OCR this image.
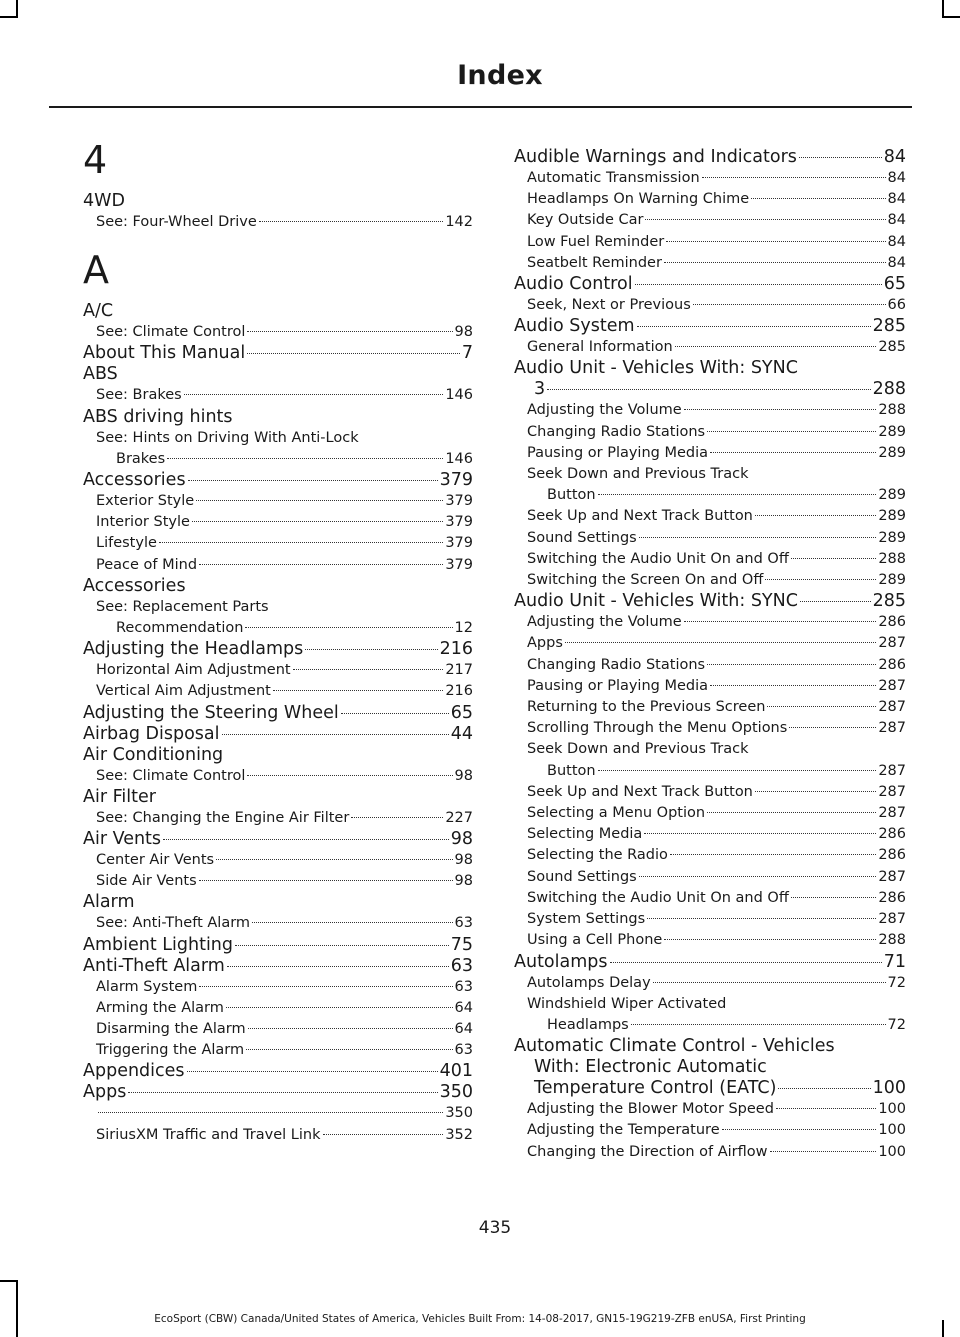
Index
4
4WD
See: Four-Wheel Drive	142
A
A/C
See: Climate Control	98
About This Manual	7
ABS
See: Brakes	146
ABS driving hints
See: Hints on Driving With Anti-Lock
Brakes	146
Accessories	379
Exterior Style	379
Interior Style	379
Lifestyle	379
Peace of Mind	379
Accessories
See: Replacement Parts
Recommendation	12
Adjusting the Headlamps	216
Horizontal Aim Adjustment	217
Vertical Aim Adjustment	216
Adjusting the Steering Wheel	65
Airbag Disposal	44
Air Conditioning
See: Climate Control	98
Air Filter
See: Changing the Engine Air Filter	227
Air Vents	98
Center Air Vents	98
Side Air Vents	98
Alarm
See: Anti-Theft Alarm	63
Ambient Lighting	75
Anti-Theft Alarm	63
Alarm System	63
Arming the Alarm	64
Disarming the Alarm	64
Triggering the Alarm	63
Appendices	401
Apps	350
350
SiriusXM Traffic and Travel Link	352
Audible Warnings and Indicators	84
Automatic Transmission	84
Headlamps On Warning Chime	84
Key Outside Car	84
Low Fuel Reminder	84
Seatbelt Reminder	84
Audio Control	65
Seek, Next or Previous	66
Audio System	285
General Information	285
Audio Unit - Vehicles With: SYNC
3	288
Adjusting the Volume	288
Changing Radio Stations	289
Pausing or Playing Media	289
Seek Down and Previous Track
Button	289
Seek Up and Next Track Button	289
Sound Settings	289
Switching the Audio Unit On and Off	288
Switching the Screen On and Off	289
Audio Unit - Vehicles With: SYNC	285
Adjusting the Volume	286
Apps	287
Changing Radio Stations	286
Pausing or Playing Media	287
Returning to the Previous Screen	287
Scrolling Through the Menu Options	287
Seek Down and Previous Track
Button	287
Seek Up and Next Track Button	287
Selecting a Menu Option	287
Selecting Media	286
Selecting the Radio	286
Sound Settings	287
Switching the Audio Unit On and Off	286
System Settings	287
Using a Cell Phone	288
Autolamps	71
Autolamps Delay	72
Windshield Wiper Activated
Headlamps	72
Automatic Climate Control - Vehicles
With: Electronic Automatic
Temperature Control (EATC)	100
Adjusting the Blower Motor Speed	100
Adjusting the Temperature	100
Changing the Direction of Airflow	100
435
EcoSport (CBW) Canada/United States of America, Vehicles Built From: 14-08-2017, GN15-19G219-ZFB enUSA, First Printing
